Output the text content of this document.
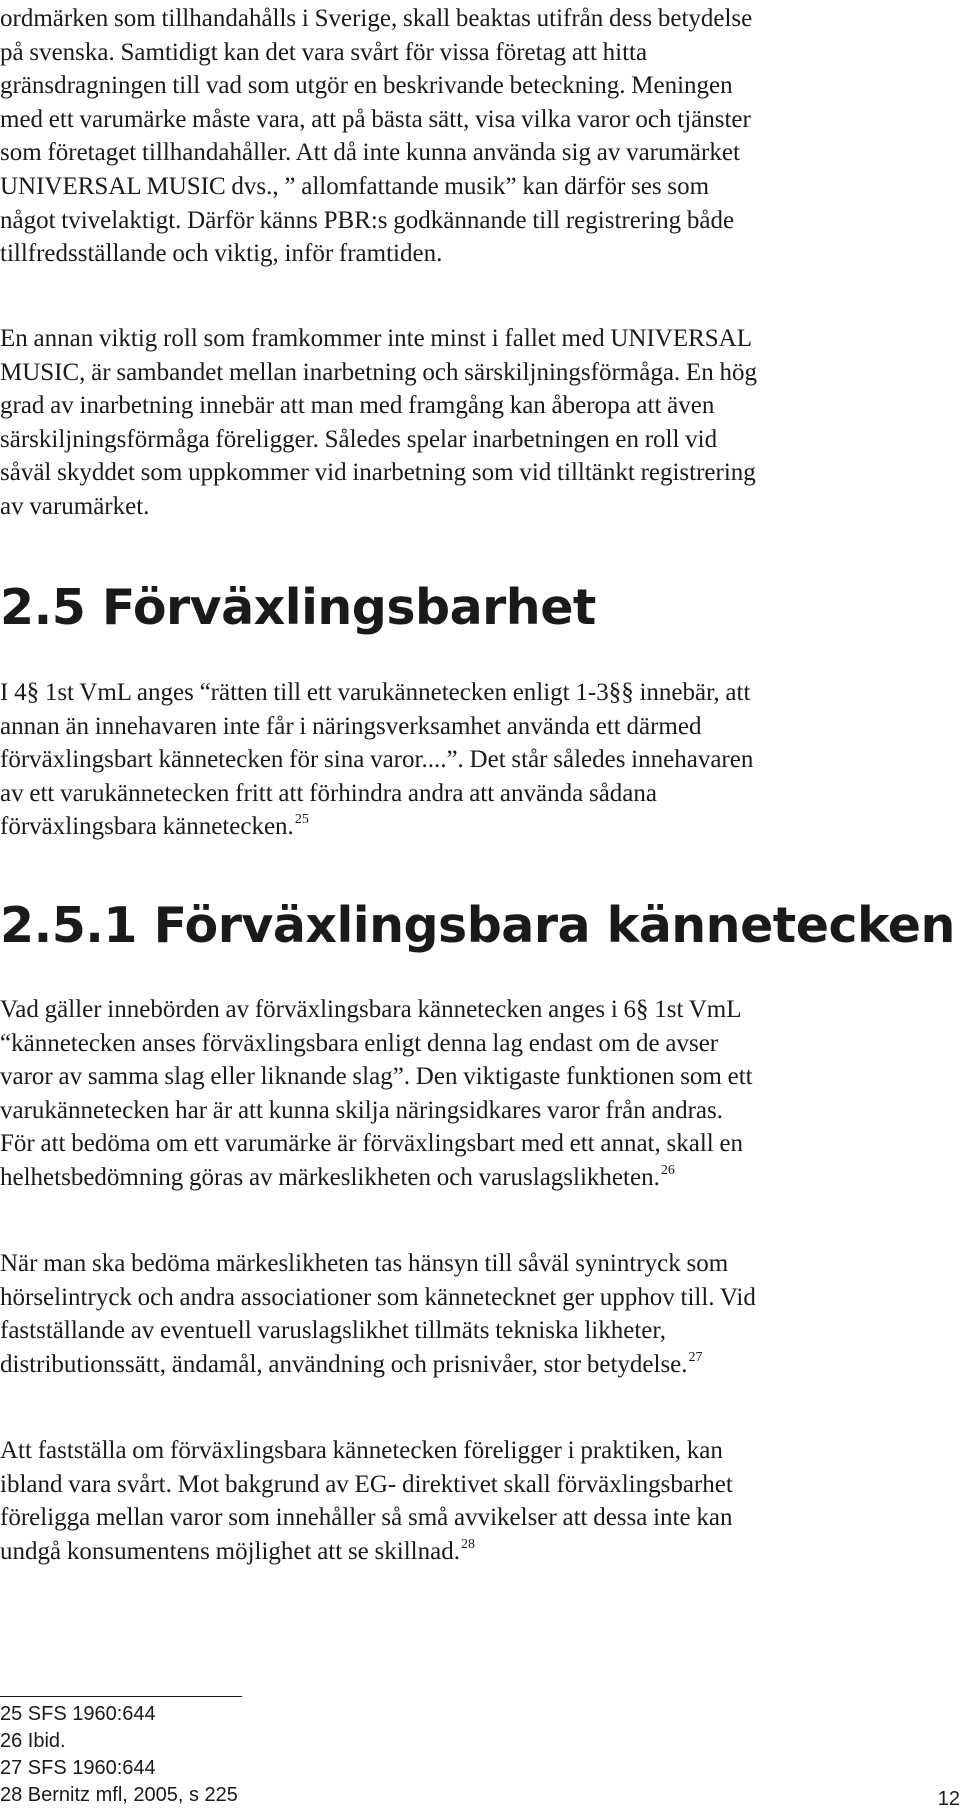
ordmärken som tillhandahålls i Sverige, skall beaktas utifrån dess betydelse
på svenska. Samtidigt kan det vara svårt för vissa företag att hitta
gränsdragningen till vad som utgör en beskrivande beteckning. Meningen
med ett varumärke måste vara, att på bästa sätt, visa vilka varor och tjänster
som företaget tillhandahåller. Att då inte kunna använda sig av varumärket
UNIVERSAL MUSIC dvs., ” allomfattande musik” kan därför ses som
något tvivelaktigt. Därför känns PBR:s godkännande till registrering både
tillfredsställande och viktig, inför framtiden.

En annan viktig roll som framkommer inte minst i fallet med UNIVERSAL
MUSIC, är sambandet mellan inarbetning och särskiljningsförmåga. En hög
grad av inarbetning innebär att man med framgång kan åberopa att även
särskiljningsförmåga föreligger. Således spelar inarbetningen en roll vid
såväl skyddet som uppkommer vid inarbetning som vid tilltänkt registrering
av varumärket.

2.5 Förväxlingsbarhet

I 4§ 1st VmL anges “rätten till ett varukännetecken enligt 1-3§§ innebär, att
annan än innehavaren inte får i näringsverksamhet använda ett därmed
förväxlingsbart kännetecken för sina varor....”. Det står således innehavaren
av ett varukännetecken fritt att förhindra andra att använda sådana
förväxlingsbara kännetecken.$^{25}$

2.5.1 Förväxlingsbara kännetecken

Vad gäller innebörden av förväxlingsbara kännetecken anges i 6§ 1st VmL
“kännetecken anses förväxlingsbara enligt denna lag endast om de avser
varor av samma slag eller liknande slag”. Den viktigaste funktionen som ett
varukännetecken har är att kunna skilja näringsidkares varor från andras.
För att bedöma om ett varumärke är förväxlingsbart med ett annat, skall en
helhetsbedömning göras av märkeslikheten och varuslagslikheten.$^{26}$

När man ska bedöma märkeslikheten tas hänsyn till såväl synintryck som
hörselintryck och andra associationer som kännetecknet ger upphov till. Vid
fastställande av eventuell varuslagslikhet tillmäts tekniska likheter,
distributionssätt, ändamål, användning och prisnivåer, stor betydelse.$^{27}$

Att fastställa om förväxlingsbara kännetecken föreligger i praktiken, kan
ibland vara svårt. Mot bakgrund av EG- direktivet skall förväxlingsbarhet
föreligga mellan varor som innehåller så små avvikelser att dessa inte kan
undgå konsumentens möjlighet att se skillnad.$^{28}$

25 SFS 1960:644
26 Ibid.
27 SFS 1960:644
28 Bernitz mfl, 2005, s 225	12
